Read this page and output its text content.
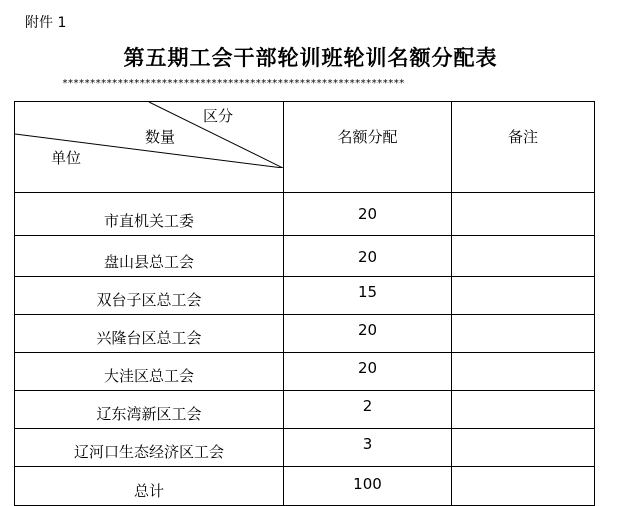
附件 1
第五期工会干部轮训班轮训名额分配表
**************************************************************
区分
数量
单位	名额分配	备注
市直机关工委	20	
盘山县总工会	20	
双台子区总工会	15	
兴隆台区总工会	20	
大洼区总工会	20	
辽东湾新区工会	2	
辽河口生态经济区工会	3	
总计	100	
